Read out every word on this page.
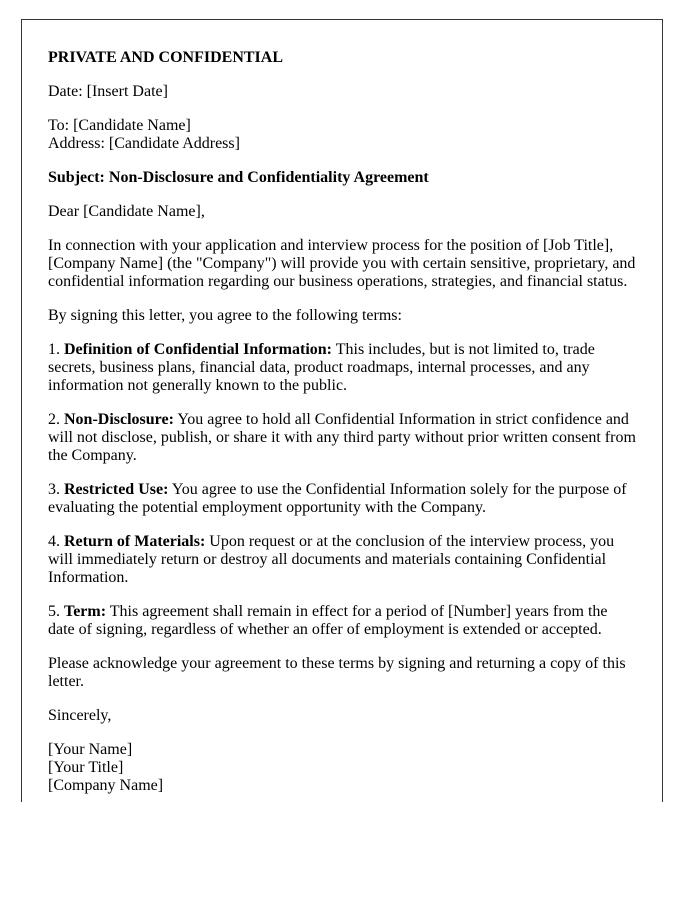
PRIVATE AND CONFIDENTIAL

Date: [Insert Date]

To: [Candidate Name]
Address: [Candidate Address]

Subject: Non-Disclosure and Confidentiality Agreement

Dear [Candidate Name],

In connection with your application and interview process for the position of [Job Title], [Company Name] (the "Company") will provide you with certain sensitive, proprietary, and confidential information regarding our business operations, strategies, and financial status.

By signing this letter, you agree to the following terms:

1. Definition of Confidential Information: This includes, but is not limited to, trade secrets, business plans, financial data, product roadmaps, internal processes, and any information not generally known to the public.

2. Non-Disclosure: You agree to hold all Confidential Information in strict confidence and will not disclose, publish, or share it with any third party without prior written consent from the Company.

3. Restricted Use: You agree to use the Confidential Information solely for the purpose of evaluating the potential employment opportunity with the Company.

4. Return of Materials: Upon request or at the conclusion of the interview process, you will immediately return or destroy all documents and materials containing Confidential Information.

5. Term: This agreement shall remain in effect for a period of [Number] years from the date of signing, regardless of whether an offer of employment is extended or accepted.

Please acknowledge your agreement to these terms by signing and returning a copy of this letter.

Sincerely,

[Your Name]
[Your Title]
[Company Name]
